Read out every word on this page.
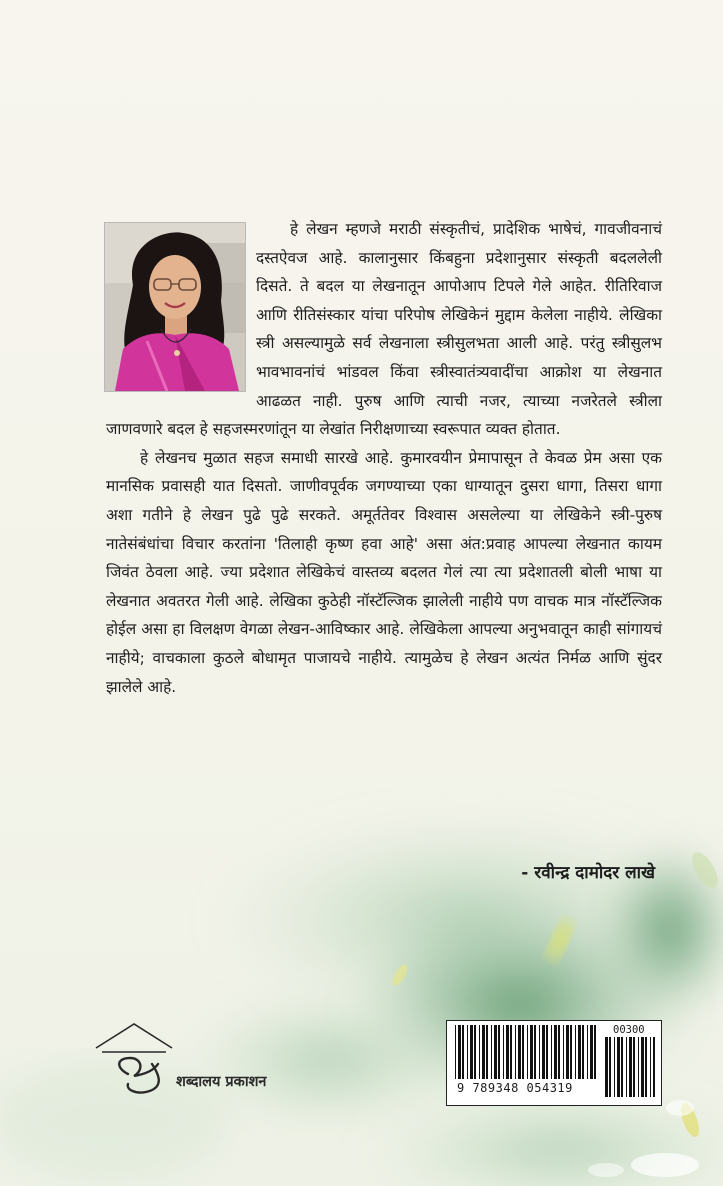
हे लेखन म्हणजे मराठी संस्कृतीचं, प्रादेशिक भाषेचं, गावजीवनाचं दस्तऐवज आहे. कालानुसार किंबहुना प्रदेशानुसार संस्कृती बदललेली दिसते. ते बदल या लेखनातून आपोआप टिपले गेले आहेत. रीतिरिवाज आणि रीतिसंस्कार यांचा परिपोष लेखिकेनं मुद्दाम केलेला नाहीये. लेखिका स्त्री असल्यामुळे सर्व लेखनाला स्त्रीसुलभता आली आहे. परंतु स्त्रीसुलभ भावभावनांचं भांडवल किंवा स्त्रीस्वातंत्र्यवादींचा आक्रोश या लेखनात आढळत नाही. पुरुष आणि त्याची नजर, त्याच्या नजरेतले स्त्रीला जाणवणारे बदल हे सहजस्मरणांतून या लेखांत निरीक्षणाच्या स्वरूपात व्यक्त होतात.

हे लेखनच मुळात सहज समाधी सारखे आहे. कुमारवयीन प्रेमापासून ते केवळ प्रेम असा एक मानसिक प्रवासही यात दिसतो. जाणीवपूर्वक जगण्याच्या एका धाग्यातून दुसरा धागा, तिसरा धागा अशा गतीने हे लेखन पुढे पुढे सरकते. अमूर्ततेवर विश्वास असलेल्या या लेखिकेने स्त्री-पुरुष नातेसंबंधांचा विचार करतांना 'तिलाही कृष्ण हवा आहे' असा अंत:प्रवाह आपल्या लेखनात कायम जिवंत ठेवला आहे. ज्या प्रदेशात लेखिकेचं वास्तव्य बदलत गेलं त्या त्या प्रदेशातली बोली भाषा या लेखनात अवतरत गेली आहे. लेखिका कुठेही नॉस्टॅल्जिक झालेली नाहीये पण वाचक मात्र नॉस्टॅल्जिक होईल असा हा विलक्षण वेगळा लेखन-आविष्कार आहे. लेखिकेला आपल्या अनुभवातून काही सांगायचं नाहीये; वाचकाला कुठले बोधामृत पाजायचे नाहीये. त्यामुळेच हे लेखन अत्यंत निर्मळ आणि सुंदर झालेले आहे.

- रवीन्द्र दामोदर लाखे
शब्दालय प्रकाशन	9 789348 054319
00300
